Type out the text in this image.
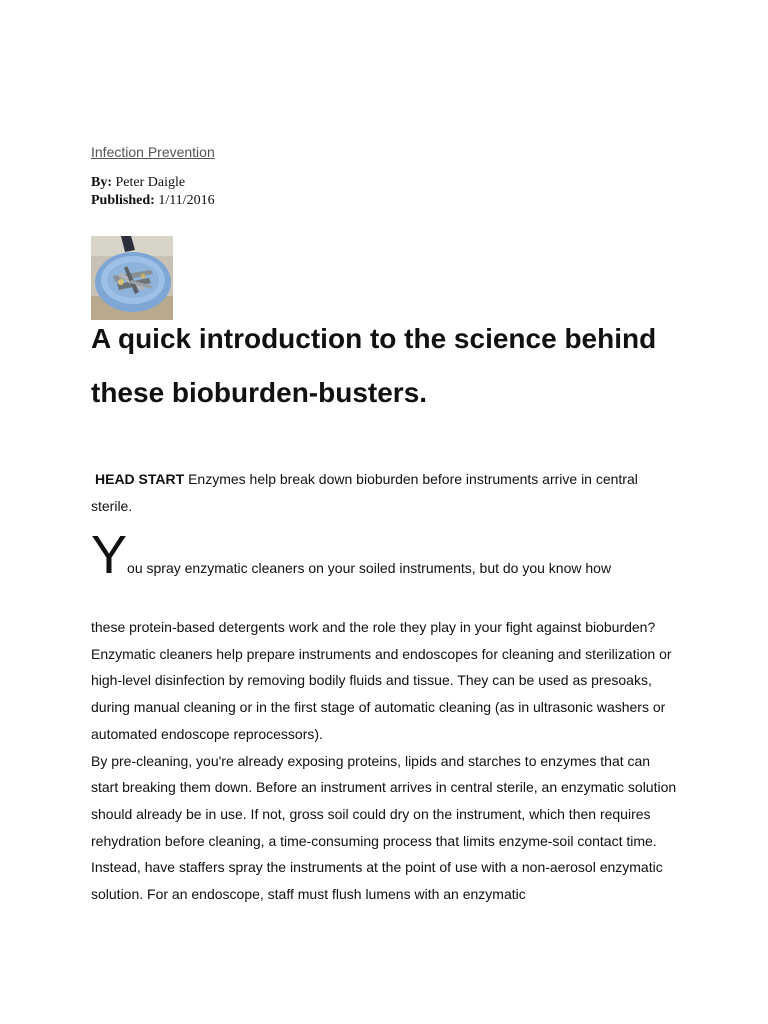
Infection Prevention
By: Peter Daigle
Published: 1/11/2016
A quick introduction to the science behind these bioburden-busters.

HEAD START Enzymes help break down bioburden before instruments arrive in central sterile.

You spray enzymatic cleaners on your soiled instruments, but do you know how

these protein-based detergents work and the role they play in your fight against bioburden? Enzymatic cleaners help prepare instruments and endoscopes for cleaning and sterilization or high-level disinfection by removing bodily fluids and tissue. They can be used as presoaks, during manual cleaning or in the first stage of automatic cleaning (as in ultrasonic washers or automated endoscope reprocessors).

By pre-cleaning, you're already exposing proteins, lipids and starches to enzymes that can start breaking them down. Before an instrument arrives in central sterile, an enzymatic solution should already be in use. If not, gross soil could dry on the instrument, which then requires rehydration before cleaning, a time-consuming process that limits enzyme-soil contact time.

Instead, have staffers spray the instruments at the point of use with a non-aerosol enzymatic solution. For an endoscope, staff must flush lumens with an enzymatic
